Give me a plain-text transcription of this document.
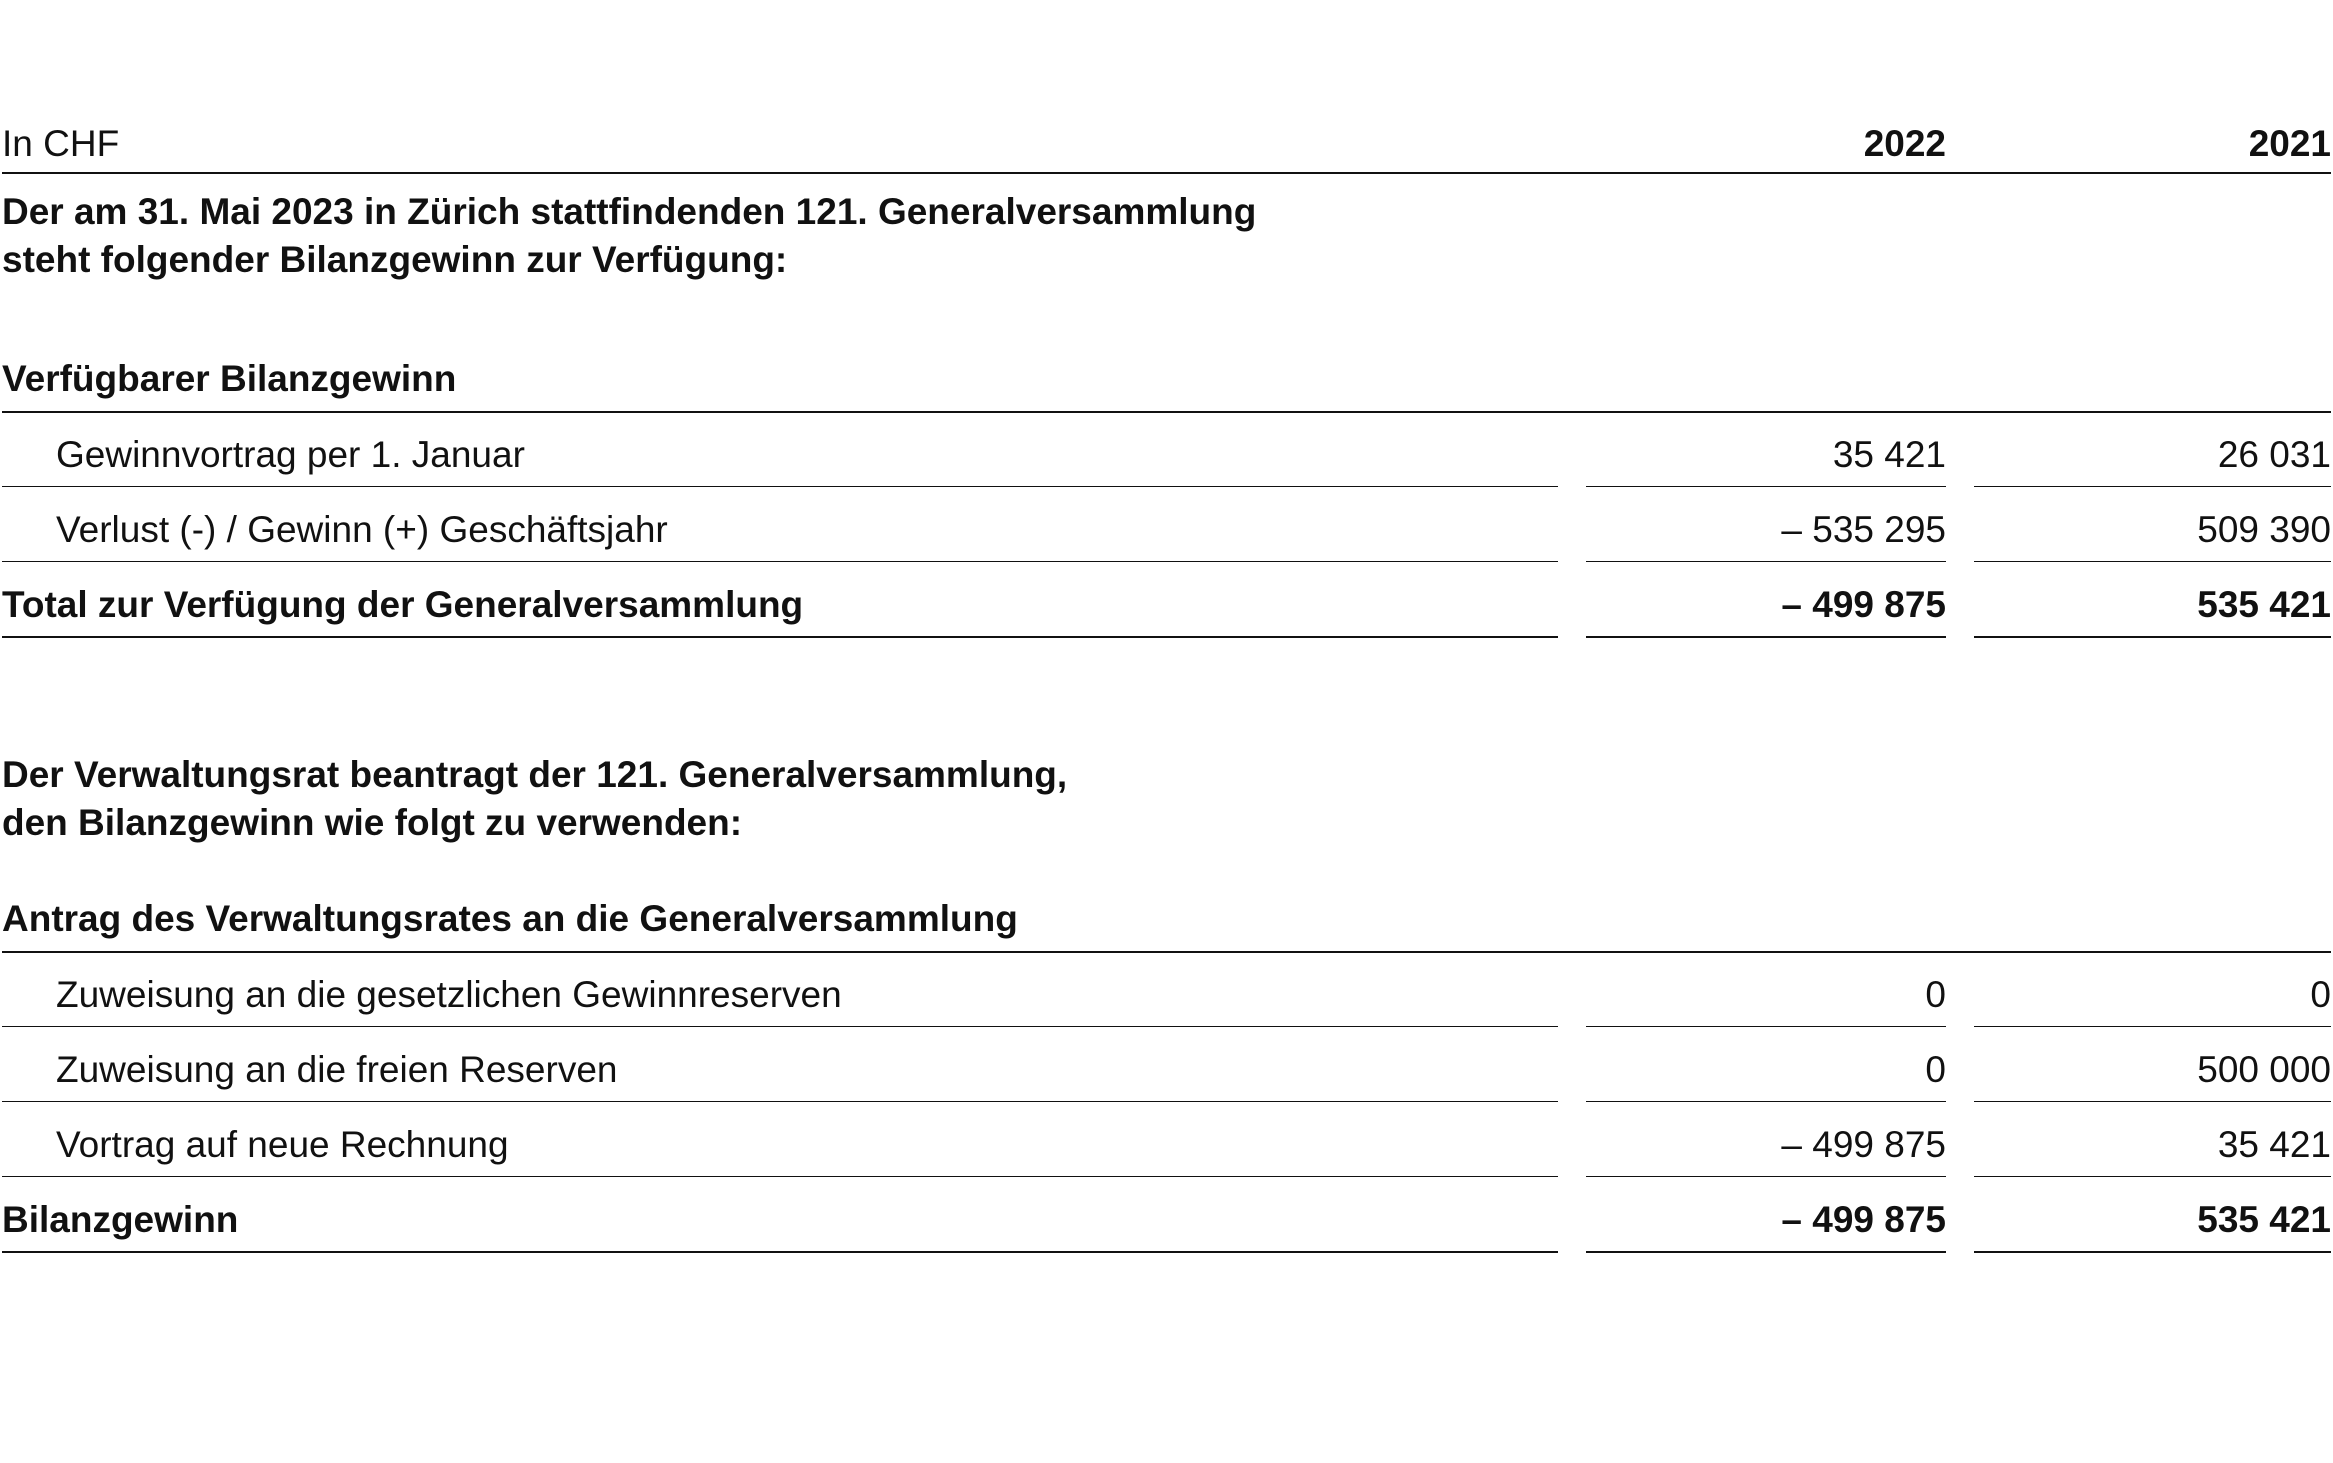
In CHF	2022	2021
Der am 31. Mai 2023 in Zürich stattfindenden 121. Generalversammlung
steht folgender Bilanzgewinn zur Verfügung:
Verfügbarer Bilanzgewinn
Gewinnvortrag per 1. Januar	35 421	26 031
Verlust (-) / Gewinn (+) Geschäftsjahr	– 535 295	509 390
Total zur Verfügung der Generalversammlung	– 499 875	535 421
Der Verwaltungsrat beantragt der 121. Generalversammlung,
den Bilanzgewinn wie folgt zu verwenden:
Antrag des Verwaltungsrates an die Generalversammlung
Zuweisung an die gesetzlichen Gewinnreserven	0	0
Zuweisung an die freien Reserven	0	500 000
Vortrag auf neue Rechnung	– 499 875	35 421
Bilanzgewinn	– 499 875	535 421
